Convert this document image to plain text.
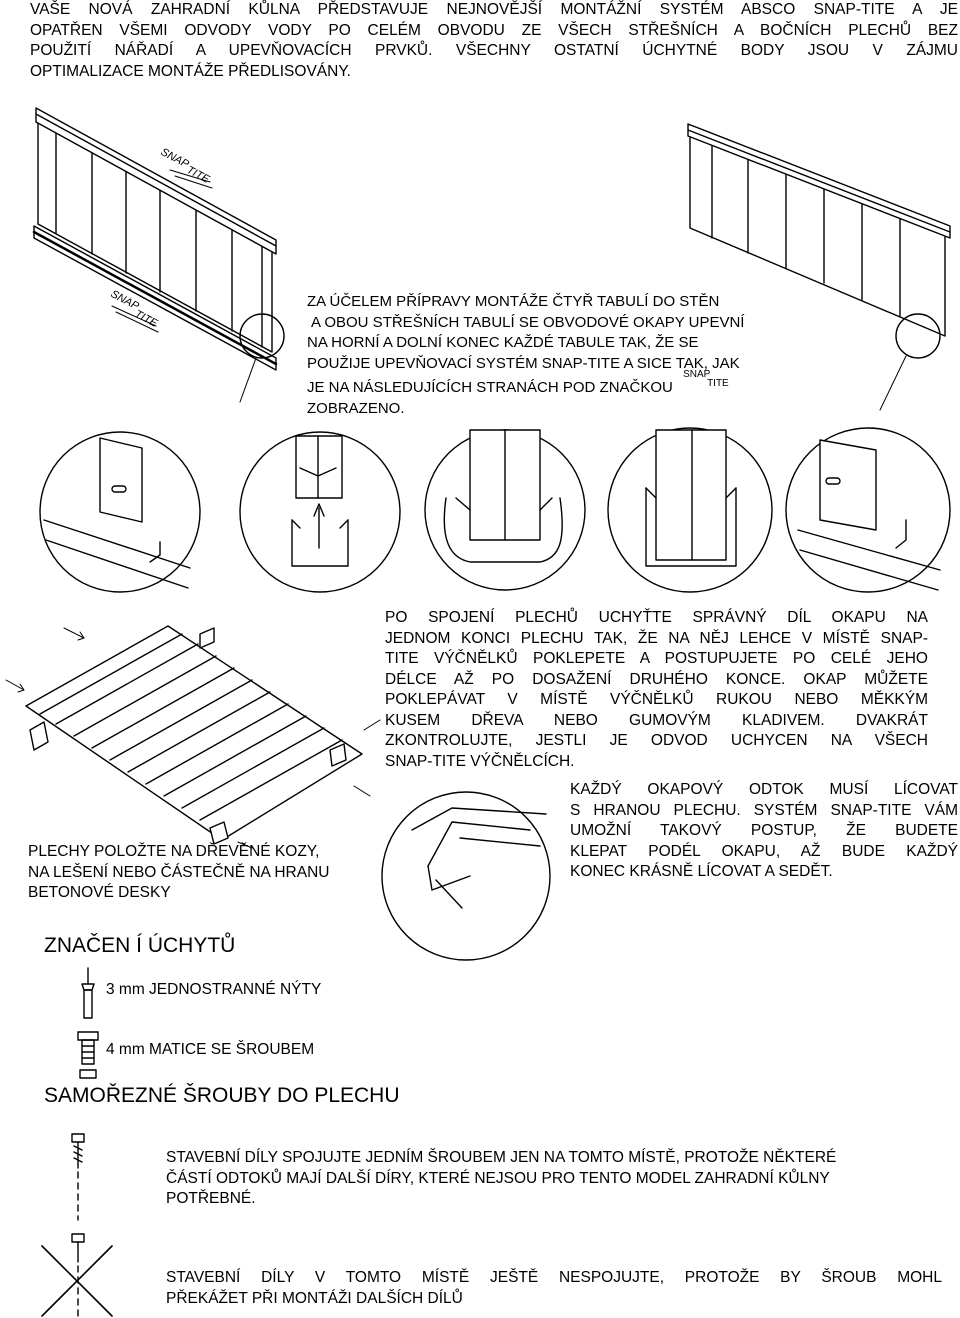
SNAP
TITE
SNAP
TITE
VAŠE NOVÁ ZAHRADNÍ KŮLNA PŘEDSTAVUJE NEJNOVĚJŠÍ MONTÁŽNÍ SYSTÉM ABSCO SNAP-TITE A JE
OPATŘEN VŠEMI ODVODY VODY PO CELÉM OBVODU ZE VŠECH STŘEŠNÍCH A BOČNÍCH PLECHŮ BEZ
POUŽITÍ NÁŘADÍ A UPEVŇOVACÍCH PRVKŮ. VŠECHNY OSTATNÍ ÚCHYTNÉ BODY JSOU V ZÁJMU
OPTIMALIZACE MONTÁŽE PŘEDLISOVÁNY.
ZA ÚČELEM PŘÍPRAVY MONTÁŽE ČTYŘ TABULÍ DO STĚN
A OBOU STŘEŠNÍCH TABULÍ SE OBVODOVÉ OKAPY UPEVNÍ
NA HORNÍ A DOLNÍ KONEC KAŽDÉ TABULE TAK, ŽE SE
POUŽIJE UPEVŇOVACÍ SYSTÉM SNAP-TITE A SICE TAK, JAK
JE NA NÁSLEDUJÍCÍCH STRANÁCH POD ZNAČKOU
SNAP
TITE
ZOBRAZENO.
PO SPOJENÍ PLECHŮ UCHYŤTE SPRÁVNÝ DÍL OKAPU NA
JEDNOM KONCI PLECHU TAK, ŽE NA NĚJ LEHCE V MÍSTĚ SNAP-
TITE VÝČNĚLKŮ POKLEPETE A POSTUPUJETE PO CELÉ JEHO
DÉLCE AŽ PO DOSAŽENÍ DRUHÉHO KONCE. OKAP MŮŽETE
POKLEPÁVAT V MÍSTĚ VÝČNĚLKŮ RUKOU NEBO MĚKKÝM
KUSEM DŘEVA NEBO GUMOVÝM KLADIVEM. DVAKRÁT
ZKONTROLUJTE, JESTLI JE ODVOD UCHYCEN NA VŠECH
SNAP-TITE VÝČNĚLCÍCH.
KAŽDÝ OKAPOVÝ ODTOK MUSÍ LÍCOVAT
S HRANOU PLECHU. SYSTÉM SNAP-TITE VÁM
UMOŽNÍ TAKOVÝ POSTUP, ŽE BUDETE
KLEPAT PODÉL OKAPU, AŽ BUDE KAŽDÝ
KONEC KRÁSNĚ LÍCOVAT A SEDĚT.
PLECHY POLOŽTE NA DŘEVĚNÉ KOZY,
NA LEŠENÍ NEBO ČÁSTEČNĚ NA HRANU
BETONOVÉ DESKY
ZNAČEN Í ÚCHYTŮ
3 mm JEDNOSTRANNÉ NÝTY
4 mm MATICE SE ŠROUBEM
SAMOŘEZNÉ ŠROUBY DO PLECHU
STAVEBNÍ DÍLY SPOJUJTE JEDNÍM ŠROUBEM JEN NA TOMTO MÍSTĚ, PROTOŽE NĚKTERÉ
ČÁSTÍ ODTOKŮ MAJÍ DALŠÍ DÍRY, KTERÉ NEJSOU PRO TENTO MODEL ZAHRADNÍ KŮLNY
POTŘEBNÉ.
STAVEBNÍ DÍLY V TOMTO MÍSTĚ JEŠTĚ NESPOJUJTE, PROTOŽE BY ŠROUB MOHL
PŘEKÁŽET PŘI MONTÁŽI DALŠÍCH DÍLŮ
